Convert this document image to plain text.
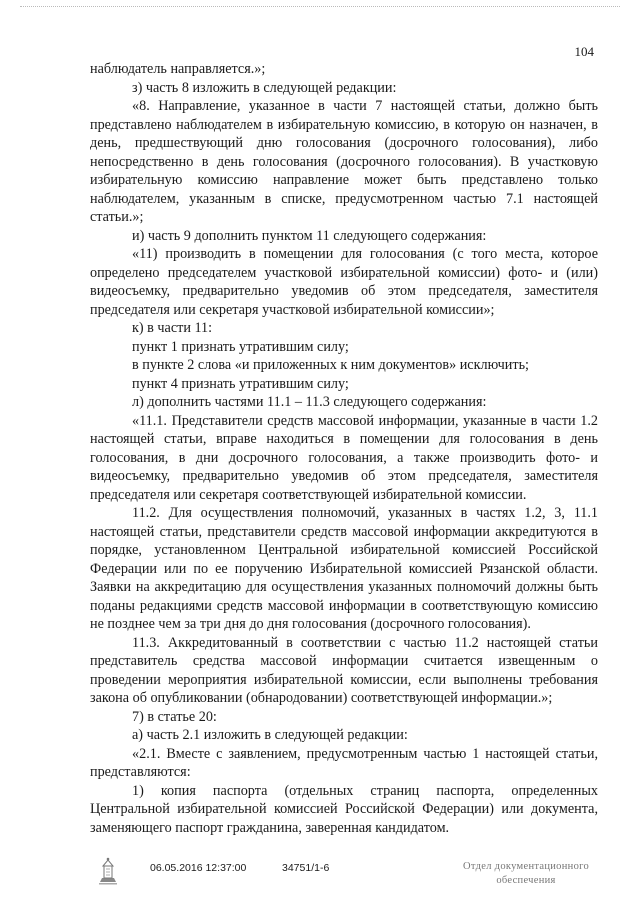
104

наблюдатель направляется.»;

з) часть 8 изложить в следующей редакции:

«8. Направление, указанное в части 7 настоящей статьи, должно быть представлено наблюдателем в избирательную комиссию, в которую он назначен, в день, предшествующий дню голосования (досрочного голосования), либо непосредственно в день голосования (досрочного голосования). В участковую избирательную комиссию направление может быть представлено только наблюдателем, указанным в списке, предусмотренном частью 7.1 настоящей статьи.»;

и) часть 9 дополнить пунктом 11 следующего содержания:

«11) производить в помещении для голосования (с того места, которое определено председателем участковой избирательной комиссии) фото- и (или) видеосъемку, предварительно уведомив об этом председателя, заместителя председателя или секретаря участковой избирательной комиссии»;

к) в части 11:

пункт 1 признать утратившим силу;

в пункте 2 слова «и приложенных к ним документов» исключить;

пункт 4 признать утратившим силу;

л) дополнить частями 11.1 – 11.3 следующего содержания:

«11.1. Представители средств массовой информации, указанные в части 1.2 настоящей статьи, вправе находиться в помещении для голосования в день голосования, в дни досрочного голосования, а также производить фото- и видеосъемку, предварительно уведомив об этом председателя, заместителя председателя или секретаря соответствующей избирательной комиссии.

11.2. Для осуществления полномочий, указанных в частях 1.2, 3, 11.1 настоящей статьи, представители средств массовой информации аккредитуются в порядке, установленном Центральной избирательной комиссией Российской Федерации или по ее поручению Избирательной комиссией Рязанской области. Заявки на аккредитацию для осуществления указанных полномочий должны быть поданы редакциями средств массовой информации в соответствующую комиссию не позднее чем за три дня до дня голосования (досрочного голосования).

11.3. Аккредитованный в соответствии с частью 11.2 настоящей статьи представитель средства массовой информации считается извещенным о проведении мероприятия избирательной комиссии, если выполнены требования закона об опубликовании (обнародовании) соответствующей информации.»;

7) в статье 20:

а) часть 2.1 изложить в следующей редакции:

«2.1. Вместе с заявлением, предусмотренным частью 1 настоящей статьи, представляются:

1) копия паспорта (отдельных страниц паспорта, определенных Центральной избирательной комиссией Российской Федерации) или документа, заменяющего паспорт гражданина, заверенная кандидатом.

06.05.2016 12:37:00	34751/1-6	Отдел документационного
обеспечения
